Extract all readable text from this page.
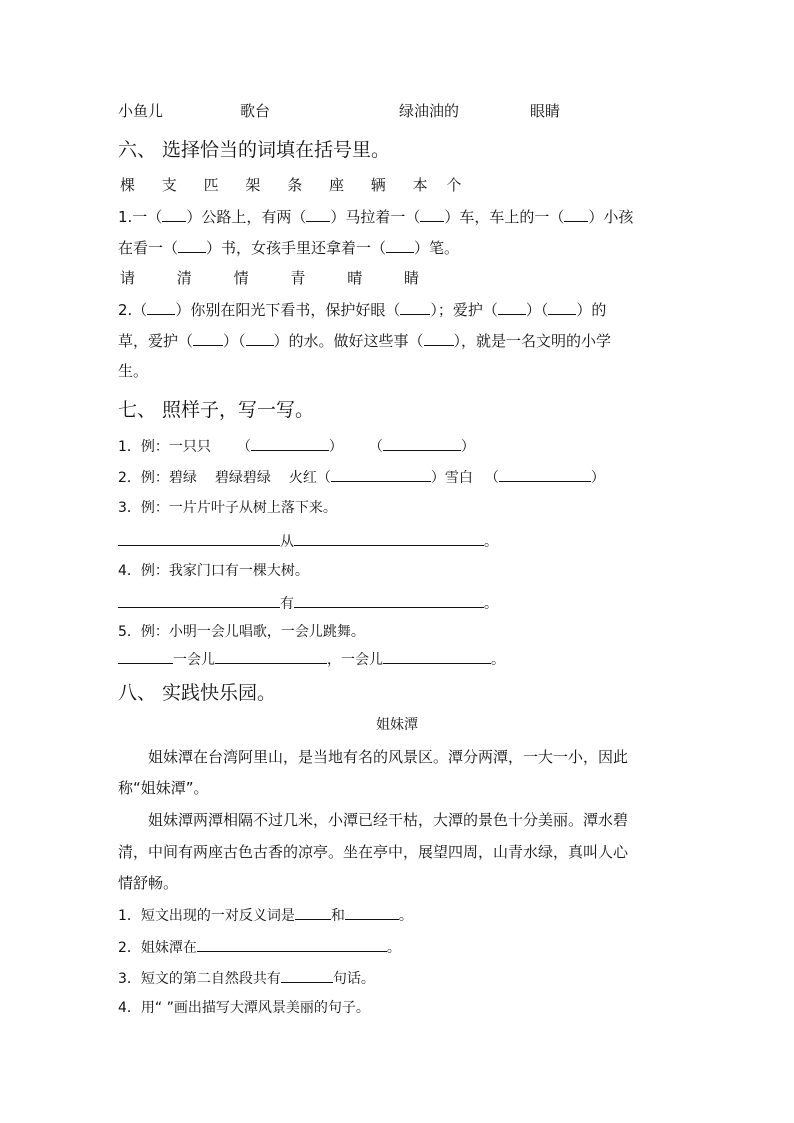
小鱼儿	歌台	绿油油的	眼睛
六、 选择恰当的词填在括号里。
棵 支 匹 架 条 座 辆 本 个
1.一（ ）公路上，有两（ ）马拉着一（ ）车，车上的一（ ）小孩
在看一（ ）书，女孩手里还拿着一（ ）笔。
请	清	情	青	晴	睛
2.（ ）你别在阳光下看书，保护好眼（ ）；爱护（ ）（ ）的
草，爱护（ ）（ ）的水。做好这些事（ ），就是一名文明的小学
生。
七、 照样子，写一写。
1．例：一只只 （	） （	）
2．例：碧绿 碧绿碧绿 火红（	）雪白 （	）
3．例：一片片叶子从树上落下来。
从	。
4．例：我家门口有一棵大树。
有	。
5．例：小明一会儿唱歌，一会儿跳舞。
一会儿	，一会儿	。
八、 实践快乐园。
姐妹潭
姐妹潭在台湾阿里山，是当地有名的风景区。潭分两潭，一大一小，因此
称“姐妹潭”。
姐妹潭两潭相隔不过几米，小潭已经干枯，大潭的景色十分美丽。潭水碧
清，中间有两座古色古香的凉亭。坐在亭中，展望四周，山青水绿，真叫人心
情舒畅。
1．短文出现的一对反义词是	和	。
2．姐妹潭在	。
3．短文的第二自然段共有	句话。
4．用“ ”画出描写大潭风景美丽的句子。
